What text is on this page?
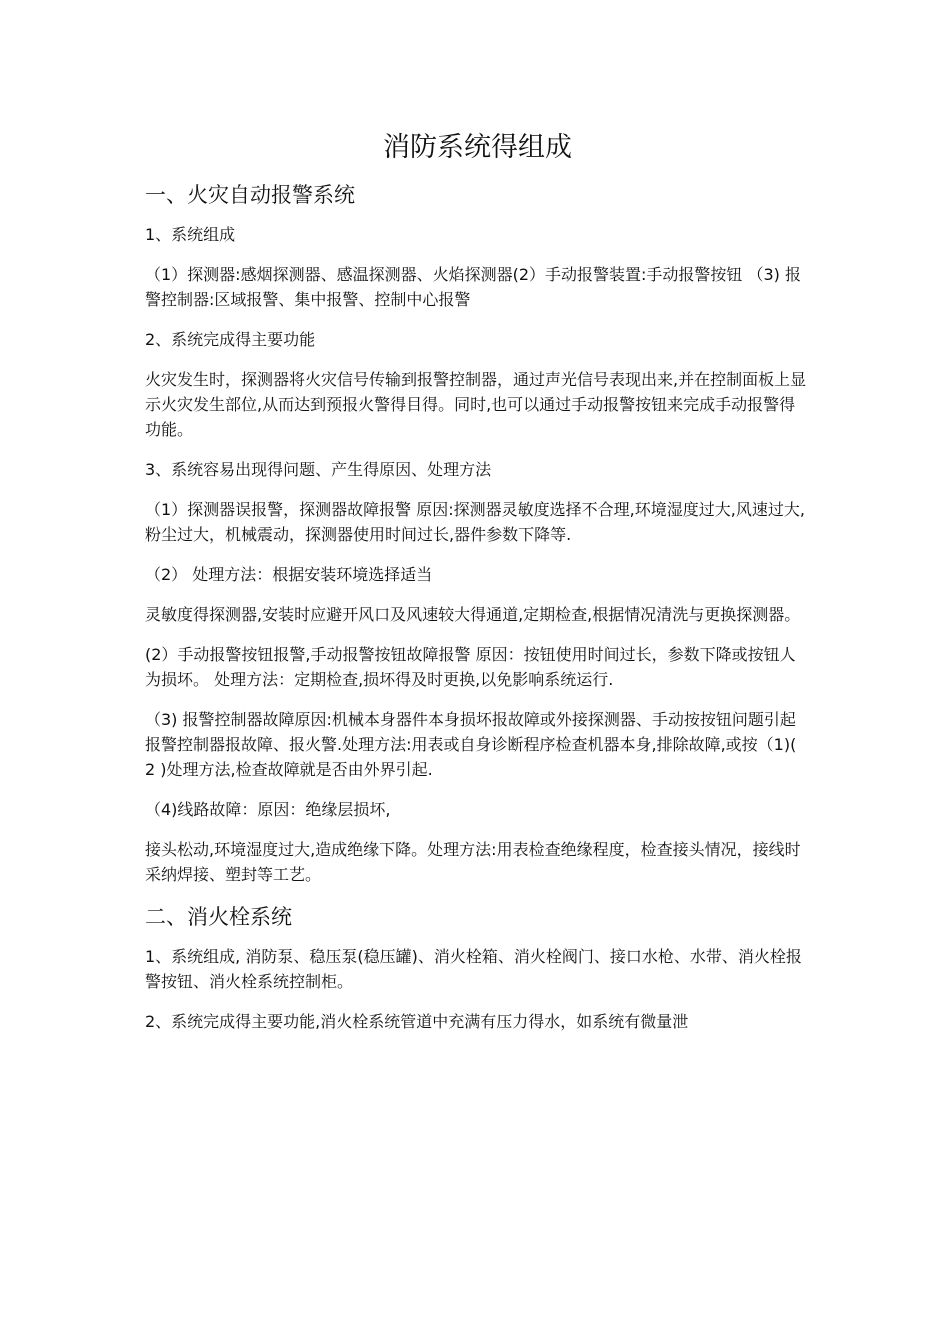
消防系统得组成
一、火灾自动报警系统
1、系统组成
（1）探测器:感烟探测器、感温探测器、火焰探测器(2）手动报警装置:手动报警按钮 （3) 报警控制器:区域报警、集中报警、控制中心报警
2、系统完成得主要功能
火灾发生时，探测器将火灾信号传输到报警控制器，通过声光信号表现出来,并在控制面板上显示火灾发生部位,从而达到预报火警得目得。同时,也可以通过手动报警按钮来完成手动报警得功能。
3、系统容易出现得问题、产生得原因、处理方法
（1）探测器误报警，探测器故障报警 原因:探测器灵敏度选择不合理,环境湿度过大,风速过大,粉尘过大，机械震动，探测器使用时间过长,器件参数下降等.
（2） 处理方法：根据安装环境选择适当
灵敏度得探测器,安装时应避开风口及风速较大得通道,定期检查,根据情况清洗与更换探测器。
(2）手动报警按钮报警,手动报警按钮故障报警 原因：按钮使用时间过长，参数下降或按钮人为损坏。 处理方法：定期检查,损坏得及时更换,以免影响系统运行.
（3) 报警控制器故障原因:机械本身器件本身损坏报故障或外接探测器、手动按按钮问题引起报警控制器报故障、报火警.处理方法:用表或自身诊断程序检查机器本身,排除故障,或按（1)( 2 )处理方法,检查故障就是否由外界引起.
（4)线路故障：原因：绝缘层损坏,
接头松动,环境湿度过大,造成绝缘下降。处理方法:用表检查绝缘程度，检查接头情况，接线时采纳焊接、塑封等工艺。
二、消火栓系统
1、系统组成, 消防泵、稳压泵(稳压罐)、消火栓箱、消火栓阀门、接口水枪、水带、消火栓报警按钮、消火栓系统控制柜。
2、系统完成得主要功能,消火栓系统管道中充满有压力得水，如系统有微量泄
